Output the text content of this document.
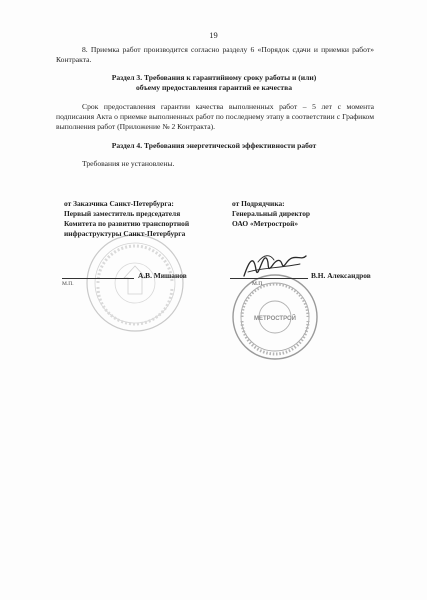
19
8. Приемка работ производится согласно разделу 6 «Порядок сдачи и приемки работ» Контракта.
Раздел 3. Требования к гарантийному сроку работы и (или)
объему предоставления гарантий ее качества
Срок предоставления гарантии качества выполненных работ – 5 лет с момента подписания Акта о приемке выполненных работ по последнему этапу в соответствии с Графиком выполнения работ (Приложение № 2 Контракта).
Раздел 4. Требования энергетической эффективности работ
Требования не установлены.
МЕТРОСТРОЙ
от Заказчика Санкт-Петербурга:
Первый заместитель председателя
Комитета по развитию транспортной
инфраструктуры Санкт-Петербурга
А.В. Мишанов
М.П.
от Подрядчика:
Генеральный директор
ОАО «Метрострой»
В.Н. Александров
М.П.
